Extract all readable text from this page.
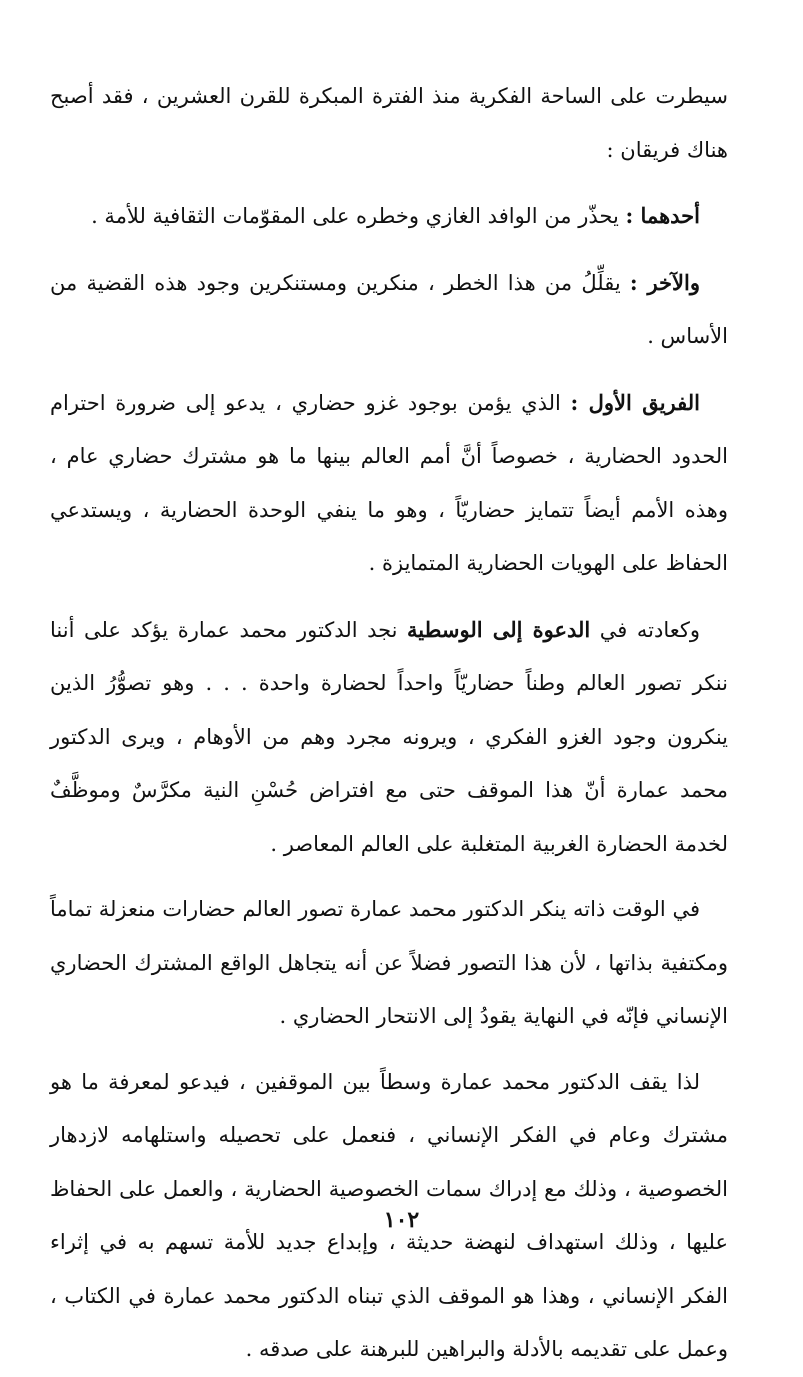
سيطرت على الساحة الفكرية منذ الفترة المبكرة للقرن العشرين ، فقد أصبح هناك فريقان :

أحدهما : يحذّر من الوافد الغازي وخطره على المقوّمات الثقافية للأمة .

والآخر : يقلِّلُ من هذا الخطر ، منكرين ومستنكرين وجود هذه القضية من الأساس .

الفريق الأول : الذي يؤمن بوجود غزو حضاري ، يدعو إلى ضرورة احترام الحدود الحضارية ، خصوصاً أنَّ أمم العالم بينها ما هو مشترك حضاري عام ، وهذه الأمم أيضاً تتمايز حضاريّاً ، وهو ما ينفي الوحدة الحضارية ، ويستدعي الحفاظ على الهويات الحضارية المتمايزة .

وكعادته في الدعوة إلى الوسطية نجد الدكتور محمد عمارة يؤكد على أننا ننكر تصور العالم وطناً حضاريّاً واحداً لحضارة واحدة . . . وهو تصوُّرُ الذين ينكرون وجود الغزو الفكري ، ويرونه مجرد وهم من الأوهام ، ويرى الدكتور محمد عمارة أنّ هذا الموقف حتى مع افتراض حُسْنِ النية مكرَّسٌ وموظَّفٌ لخدمة الحضارة الغربية المتغلبة على العالم المعاصر .

في الوقت ذاته ينكر الدكتور محمد عمارة تصور العالم حضارات منعزلة تماماً ومكتفية بذاتها ، لأن هذا التصور فضلاً عن أنه يتجاهل الواقع المشترك الحضاري الإنساني فإنّه في النهاية يقودُ إلى الانتحار الحضاري .

لذا يقف الدكتور محمد عمارة وسطاً بين الموقفين ، فيدعو لمعرفة ما هو مشترك وعام في الفكر الإنساني ، فنعمل على تحصيله واستلهامه لازدهار الخصوصية ، وذلك مع إدراك سمات الخصوصية الحضارية ، والعمل على الحفاظ عليها ، وذلك استهداف لنهضة حديثة ، وإبداع جديد للأمة تسهم به في إثراء الفكر الإنساني ، وهذا هو الموقف الذي تبناه الدكتور محمد عمارة في الكتاب ، وعمل على تقديمه بالأدلة والبراهين للبرهنة على صدقه .

١٠٢
